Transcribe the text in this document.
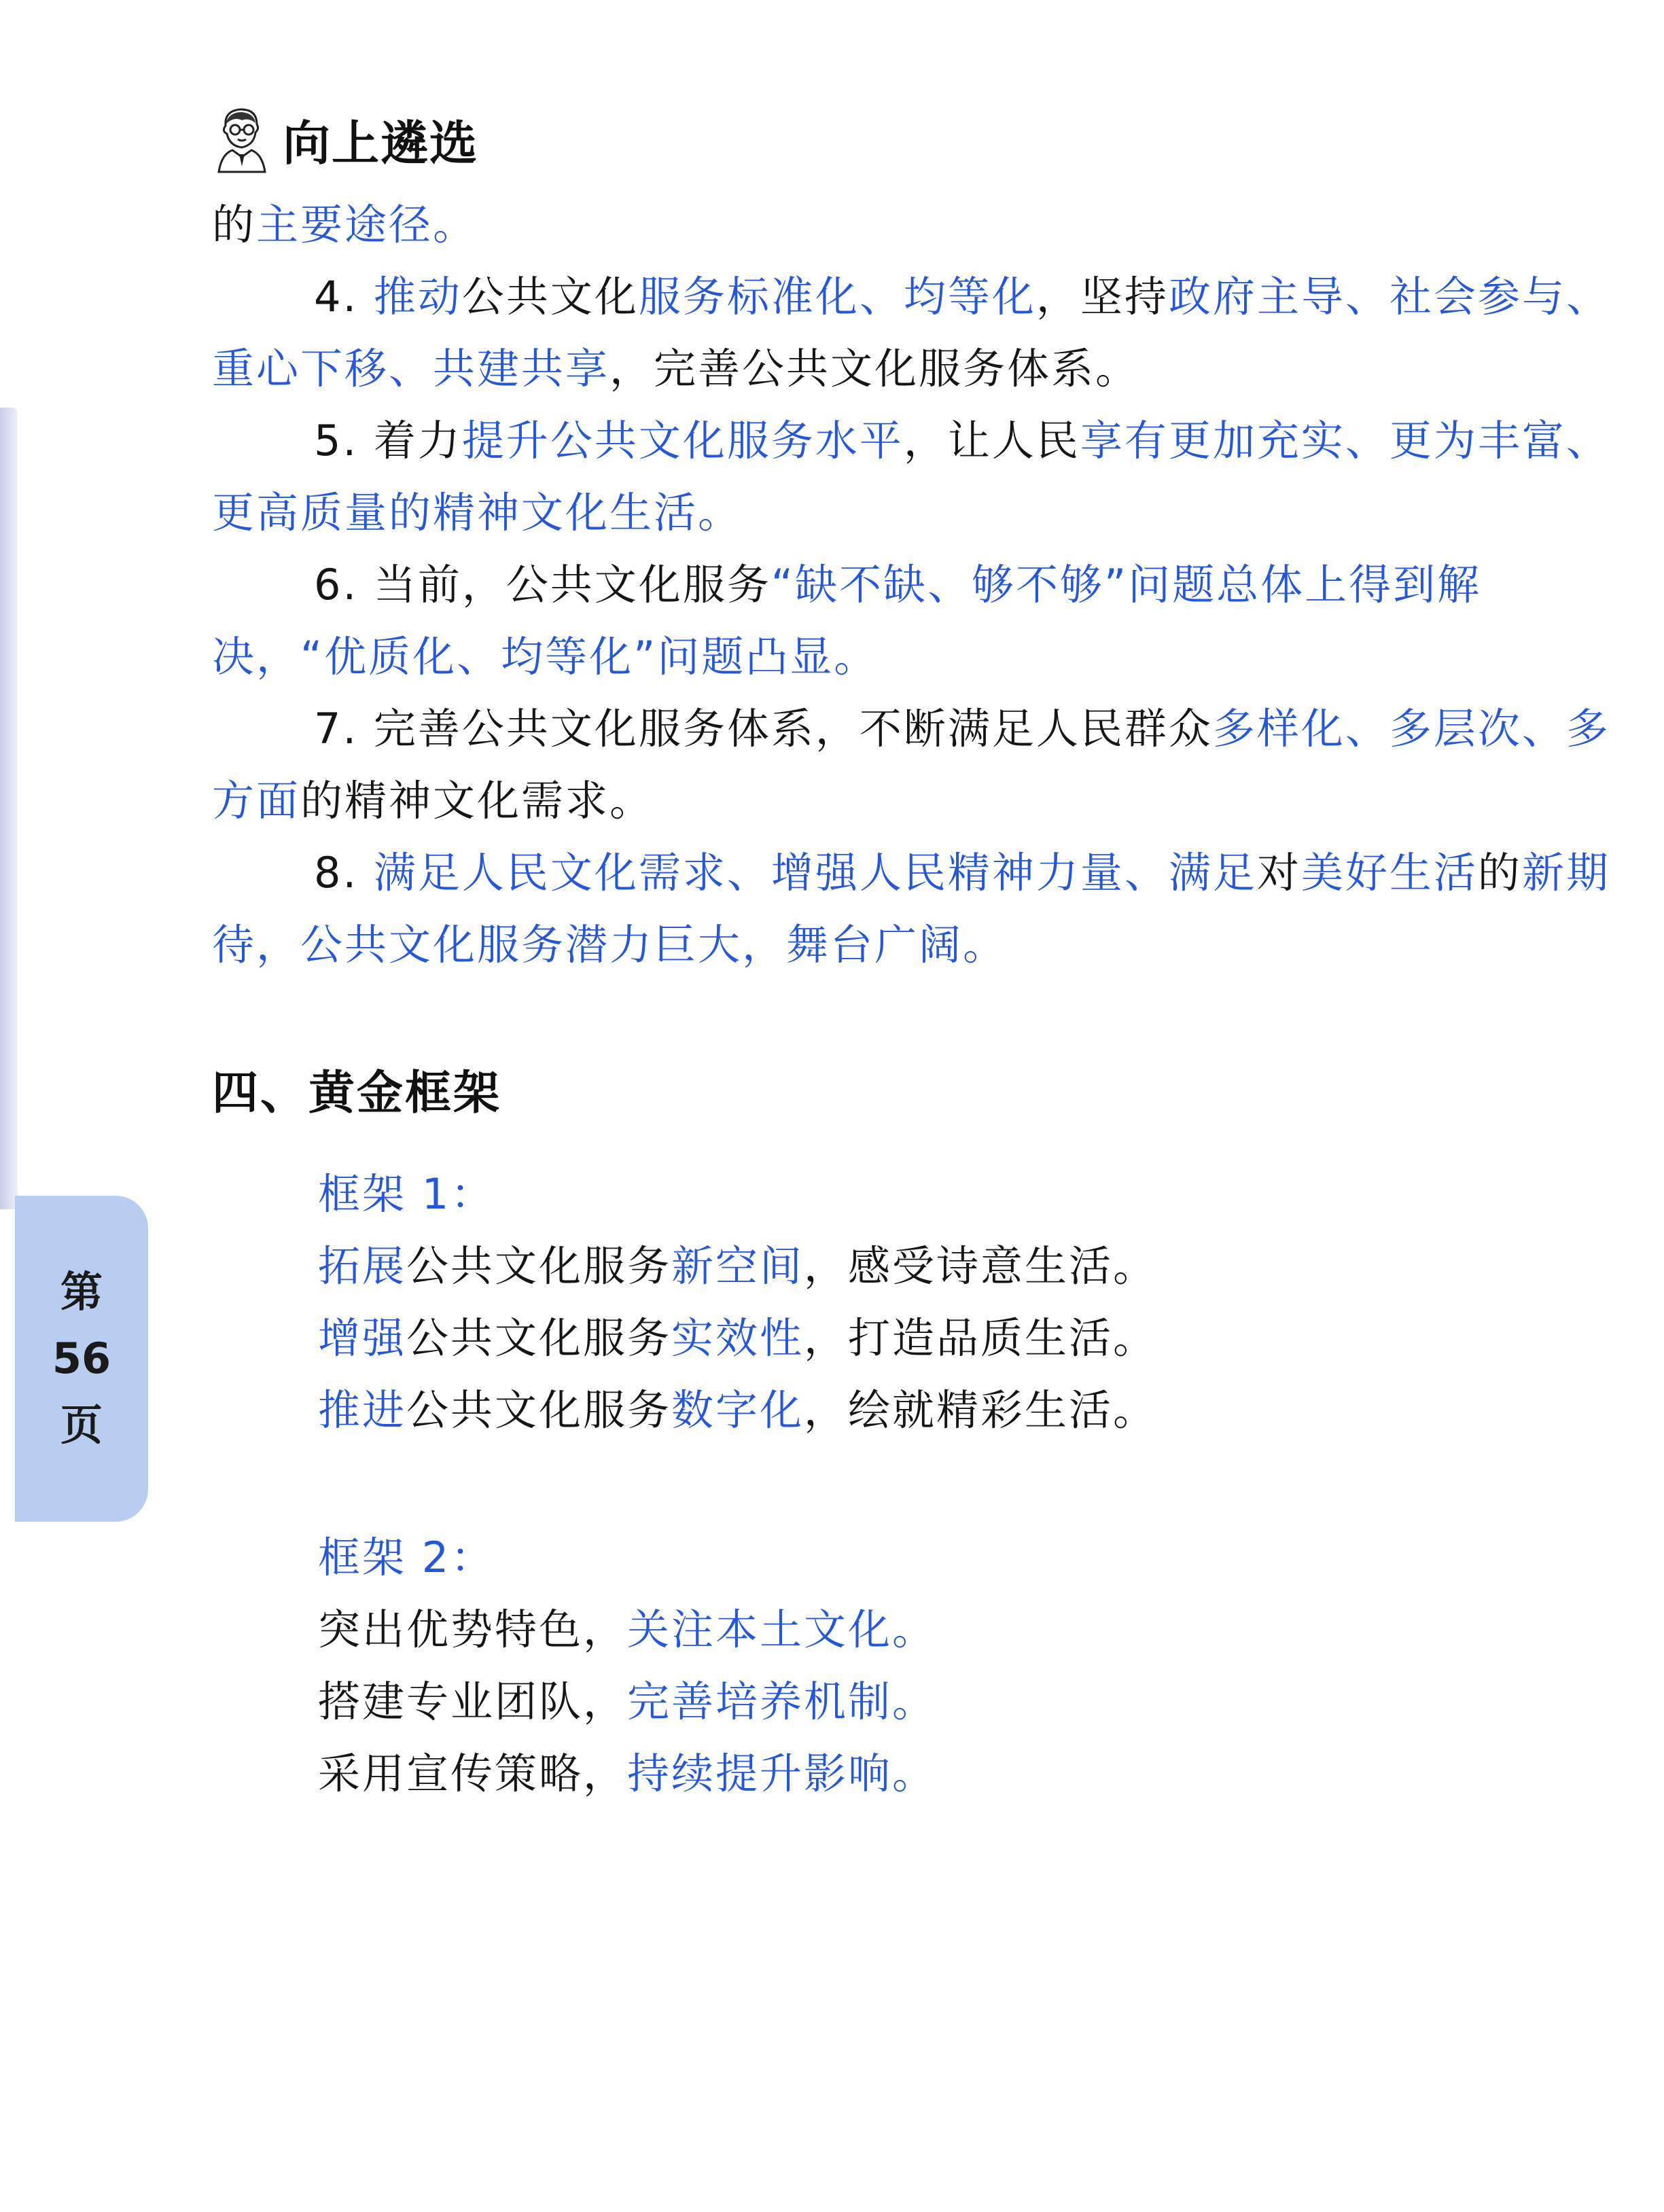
第
56
页
向上遴选

的主要途径。

4. 推动公共文化服务标准化、均等化，坚持政府主导、社会参与、重心下移、共建共享，完善公共文化服务体系。

5. 着力提升公共文化服务水平，让人民享有更加充实、更为丰富、更高质量的精神文化生活。

6. 当前，公共文化服务“缺不缺、够不够”问题总体上得到解决，“优质化、均等化”问题凸显。

7. 完善公共文化服务体系，不断满足人民群众多样化、多层次、多方面的精神文化需求。

8. 满足人民文化需求、增强人民精神力量、满足对美好生活的新期待，公共文化服务潜力巨大，舞台广阔。

四、黄金框架

框架 1：

拓展公共文化服务新空间，感受诗意生活。

增强公共文化服务实效性，打造品质生活。

推进公共文化服务数字化，绘就精彩生活。

框架 2：

突出优势特色，关注本土文化。

搭建专业团队，完善培养机制。

采用宣传策略，持续提升影响。
